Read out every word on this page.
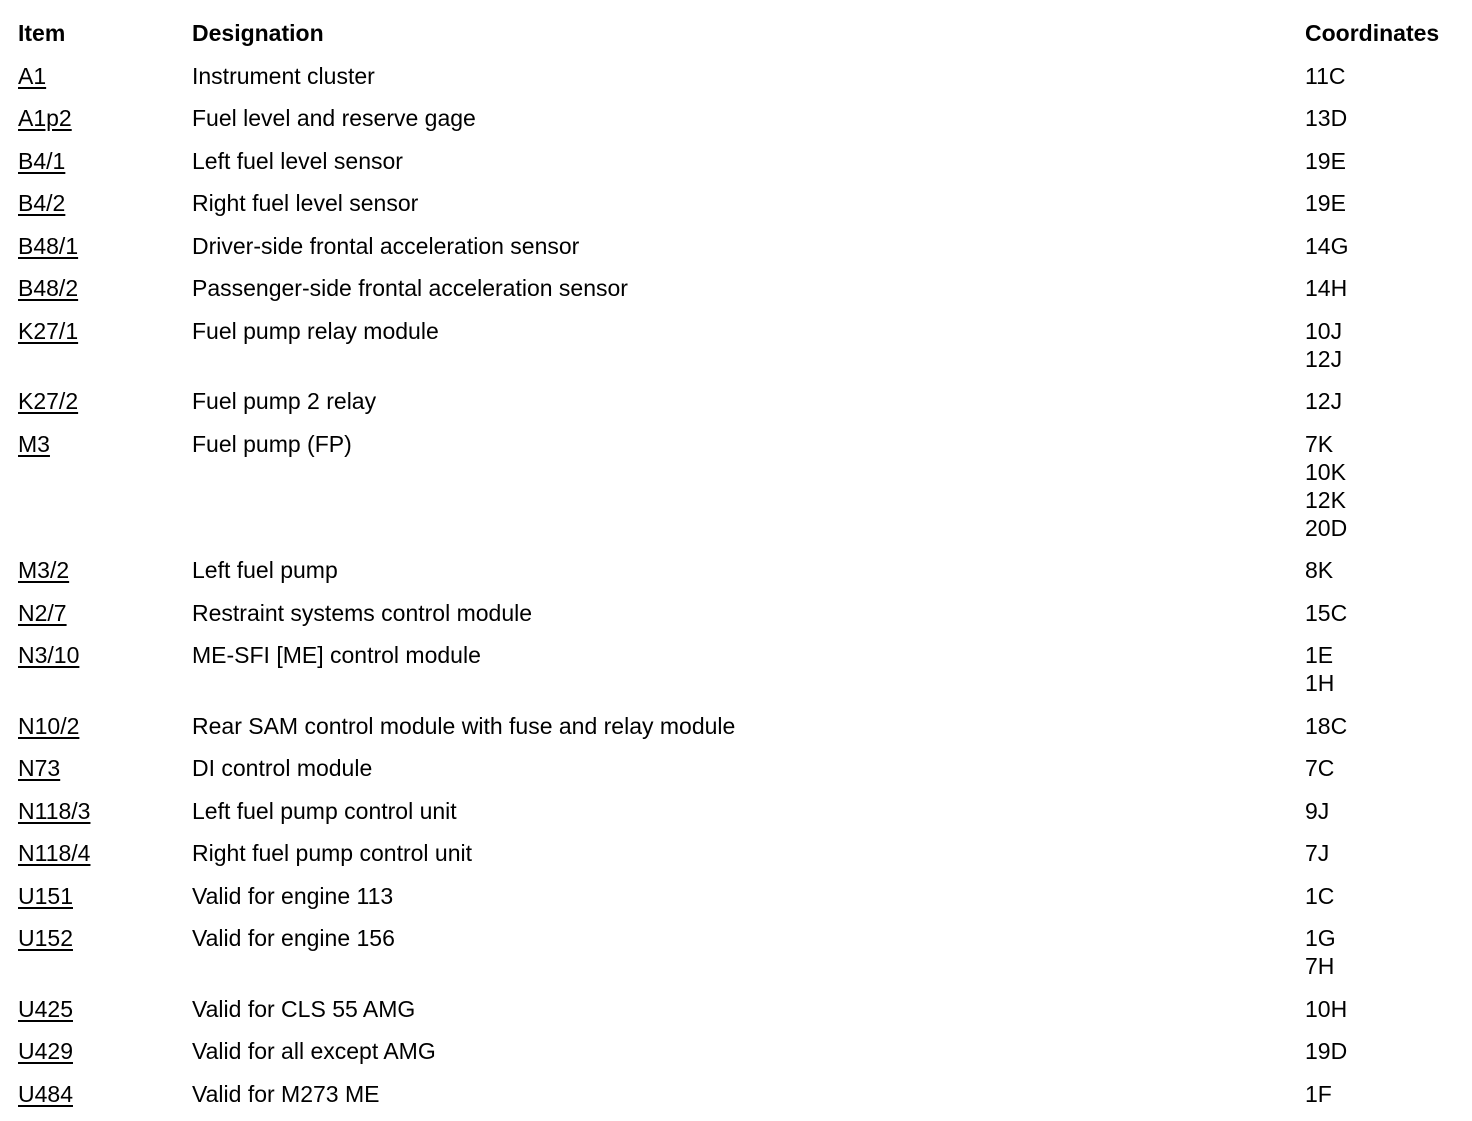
Item	Designation	Coordinates
A1	Instrument cluster	11C
A1p2	Fuel level and reserve gage	13D
B4/1	Left fuel level sensor	19E
B4/2	Right fuel level sensor	19E
B48/1	Driver-side frontal acceleration sensor	14G
B48/2	Passenger-side frontal acceleration sensor	14H
K27/1	Fuel pump relay module	10J
12J
K27/2	Fuel pump 2 relay	12J
M3	Fuel pump (FP)	7K
10K
12K
20D
M3/2	Left fuel pump	8K
N2/7	Restraint systems control module	15C
N3/10	ME-SFI [ME] control module	1E
1H
N10/2	Rear SAM control module with fuse and relay module	18C
N73	DI control module	7C
N118/3	Left fuel pump control unit	9J
N118/4	Right fuel pump control unit	7J
U151	Valid for engine 113	1C
U152	Valid for engine 156	1G
7H
U425	Valid for CLS 55 AMG	10H
U429	Valid for all except AMG	19D
U484	Valid for M273 ME	1F
